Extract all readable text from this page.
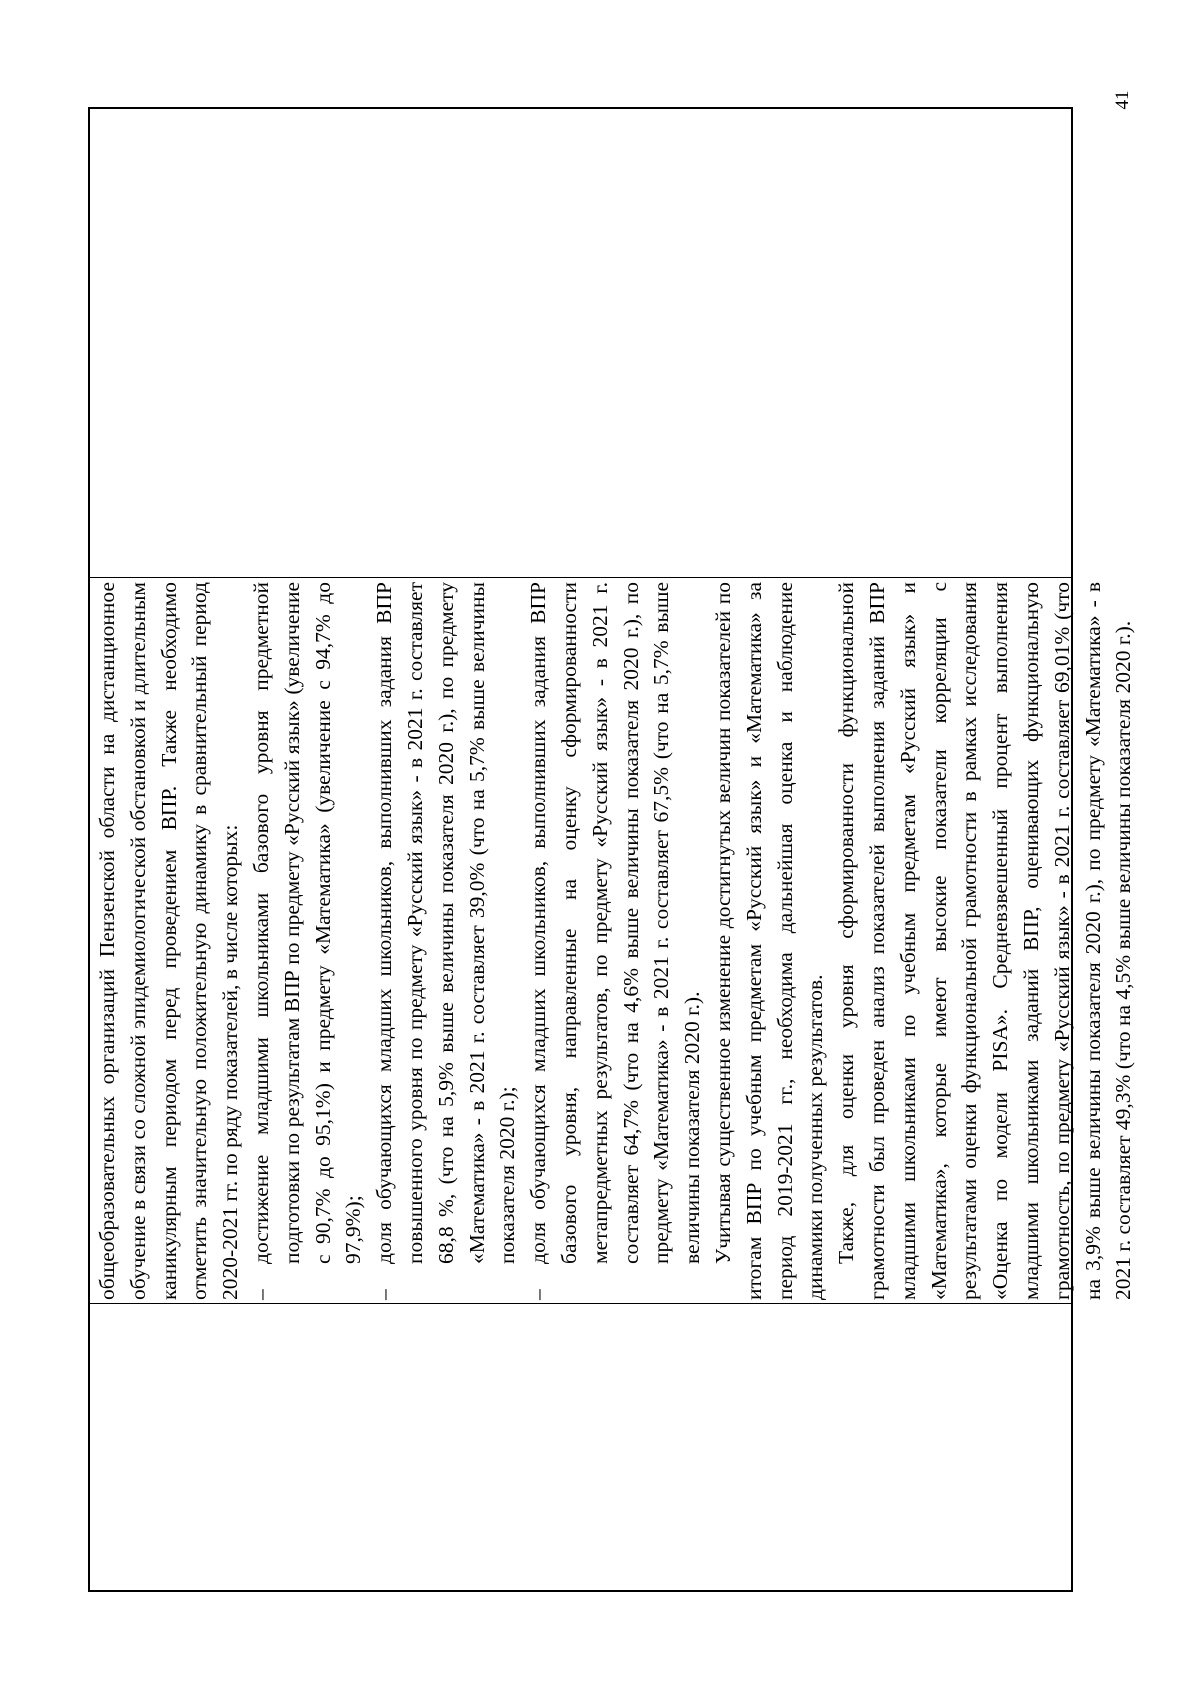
41

общеобразовательных организаций Пензенской области на дистанционное обучение в связи со сложной эпидемиологической обстановкой и длительным каникулярным периодом перед проведением ВПР. Также необходимо отметить значительную положительную динамику в сравнительный период 2020-2021 гг. по ряду показателей, в числе которых: –
достижение младшими школьниками базового уровня предметной подготовки по результатам ВПР по предмету «Русский язык» (увеличение с 90,7% до 95,1%) и предмету «Математика» (увеличение с 94,7% до 97,9%);
–
доля обучающихся младших школьников, выполнивших задания ВПР повышенного уровня по предмету «Русский язык» - в 2021 г. составляет 68,8 %, (что на 5,9% выше величины показателя 2020 г.), по предмету «Математика» - в 2021 г. составляет 39,0% (что на 5,7% выше величины показателя 2020 г.);
–
доля обучающихся младших школьников, выполнивших задания ВПР базового уровня, направленные на оценку сформированности метапредметных результатов, по предмету «Русский язык» - в 2021 г. составляет 64,7% (что на 4,6% выше величины показателя 2020 г.), по предмету «Математика» - в 2021 г. составляет 67,5% (что на 5,7% выше величины показателя 2020 г.). Учитывая существенное изменение достигнутых величин показателей по итогам ВПР по учебным предметам «Русский язык» и «Математика» за период 2019-2021 гг., необходима дальнейшая оценка и наблюдение динамики полученных результатов. Также, для оценки уровня сформированности функциональной грамотности был проведен анализ показателей выполнения заданий ВПР младшими школьниками по учебным предметам «Русский язык» и «Математика», которые имеют высокие показатели корреляции с результатами оценки функциональной грамотности в рамках исследования «Оценка по модели PISA». Средневзвешенный процент выполнения младшими школьниками заданий ВПР, оценивающих функциональную грамотность, по предмету «Русский язык» - в 2021 г. составляет 69,01% (что на 3,9% выше величины показателя 2020 г.), по предмету «Математика» - в 2021 г. составляет 49,3% (что на 4,5% выше величины показателя 2020 г.).
